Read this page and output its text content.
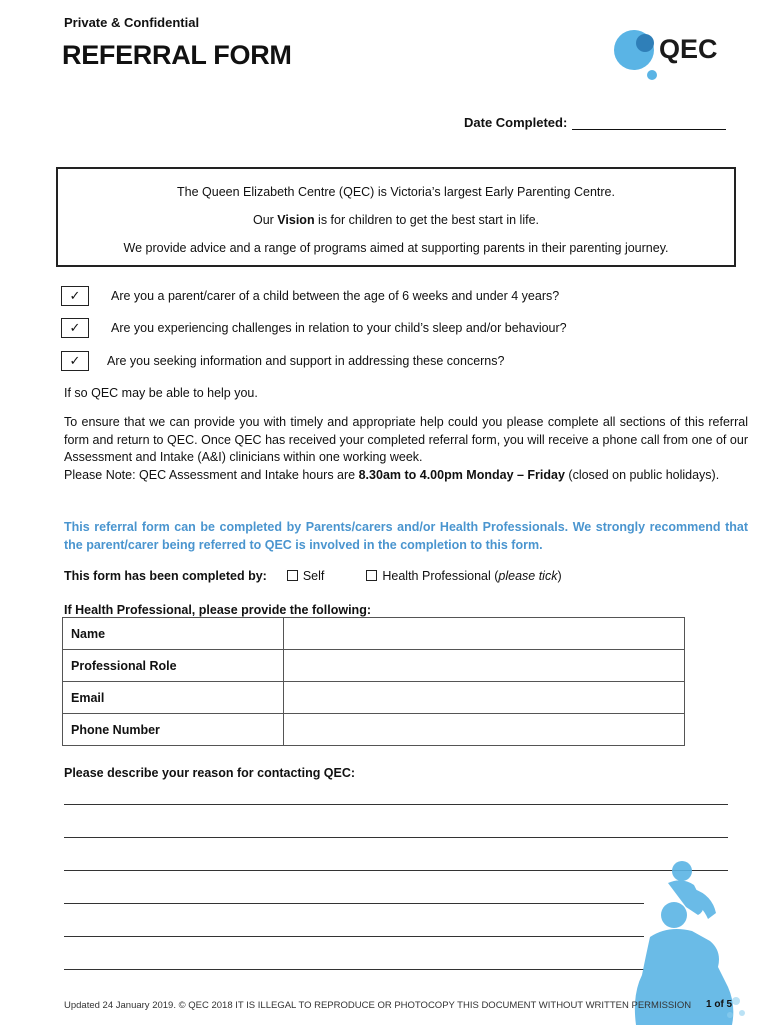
Private & Confidential
REFERRAL FORM	QEC
Date Completed:

The Queen Elizabeth Centre (QEC) is Victoria’s largest Early Parenting Centre.

Our Vision is for children to get the best start in life.

We provide advice and a range of programs aimed at supporting parents in their parenting journey.

✓	Are you a parent/carer of a child between the age of 6 weeks and under 4 years?
✓	Are you experiencing challenges in relation to your child’s sleep and/or behaviour?
✓	Are you seeking information and support in addressing these concerns?
If so QEC may be able to help you.
To ensure that we can provide you with timely and appropriate help could you please complete all sections of this referral form and return to QEC. Once QEC has received your completed referral form, you will receive a phone call from one of our Assessment and Intake (A&I) clinicians within one working week.
Please Note: QEC Assessment and Intake hours are 8.30am to 4.00pm Monday – Friday (closed on public holidays).
This referral form can be completed by Parents/carers and/or Health Professionals. We strongly recommend that the parent/carer being referred to QEC is involved in the completion to this form.
This form has been completed by:	Self	Health Professional (please tick)
If Health Professional, please provide the following:
Name	
Professional Role	
Email	
Phone Number	
Please describe your reason for contacting QEC:
Updated 24 January 2019. © QEC 2018 IT IS ILLEGAL TO REPRODUCE OR PHOTOCOPY THIS DOCUMENT WITHOUT WRITTEN PERMISSION 1 of 5
